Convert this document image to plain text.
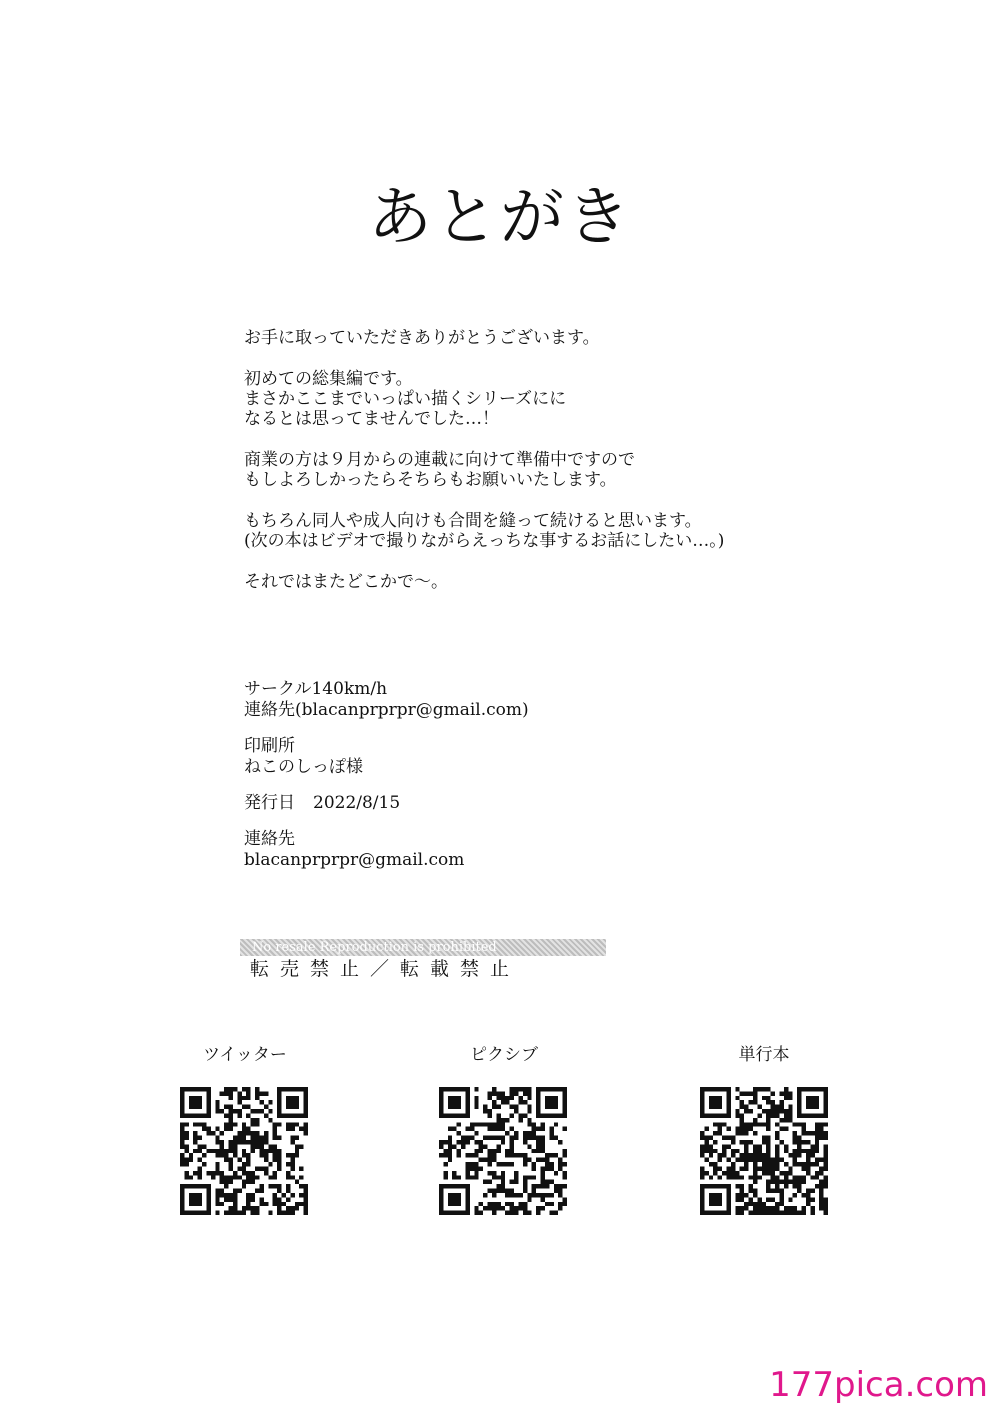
あとがき
お手に取っていただきありがとうございます。
初めての総集編です。
まさかここまでいっぱい描くシリーズにに
なるとは思ってませんでした…！
商業の方は９月からの連載に向けて準備中ですので
もしよろしかったらそちらもお願いいたします。
もちろん同人や成人向けも合間を縫って続けると思います。
(次の本はビデオで撮りながらえっちな事するお話にしたい…。)
それではまたどこかで～。
サークル140km/h
連絡先(blacanprprpr@gmail.com)
印刷所
ねこのしっぽ様
発行日 2022/8/15
連絡先
blacanprprpr@gmail.com
No resale Reproduction is prohibited
転売禁止／転載禁止
ツイッター	ピクシブ	単行本
177pica.com
